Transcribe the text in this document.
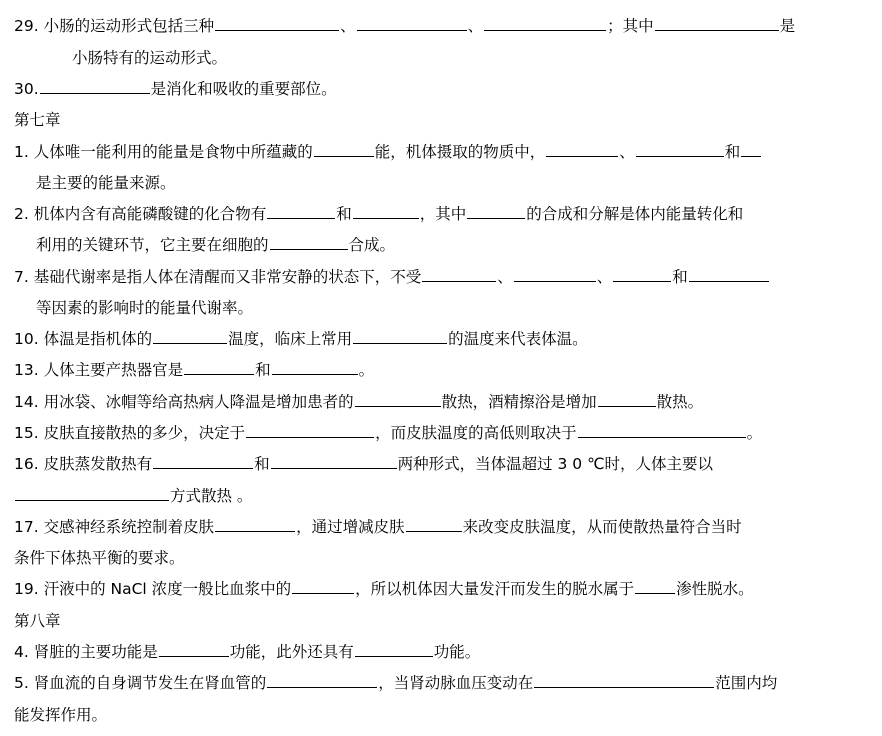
29. 小肠的运动形式包括三种	、	、	；其中	是
小肠特有的运动形式。
30.	是消化和吸收的重要部位。
第七章
1. 人体唯一能利用的能量是食物中所蕴藏的	能，机体摄取的物质中，	、	和
是主要的能量来源。
2. 机体内含有高能磷酸键的化合物有	和	，其中	的合成和分解是体内能量转化和
利用的关键环节，它主要在细胞的	合成。
7. 基础代谢率是指人体在清醒而又非常安静的状态下，不受	、	、	和
等因素的影响时的能量代谢率。
10. 体温是指机体的	温度，临床上常用	的温度来代表体温。
13. 人体主要产热器官是	和	。
14. 用冰袋、冰帽等给高热病人降温是增加患者的	散热，酒精擦浴是增加	散热。
15. 皮肤直接散热的多少，决定于	，而皮肤温度的高低则取决于	。
16. 皮肤蒸发散热有	和	两种形式，当体温超过 3 0 ℃时，人体主要以
方式散热 。
17. 交感神经系统控制着皮肤	，通过增减皮肤	来改变皮肤温度，从而使散热量符合当时
条件下体热平衡的要求。
19. 汗液中的 NaCl 浓度一般比血浆中的	，所以机体因大量发汗而发生的脱水属于	渗性脱水。
第八章
4. 肾脏的主要功能是	功能，此外还具有	功能。
5. 肾血流的自身调节发生在肾血管的	，当肾动脉血压变动在	范围内均
能发挥作用。
